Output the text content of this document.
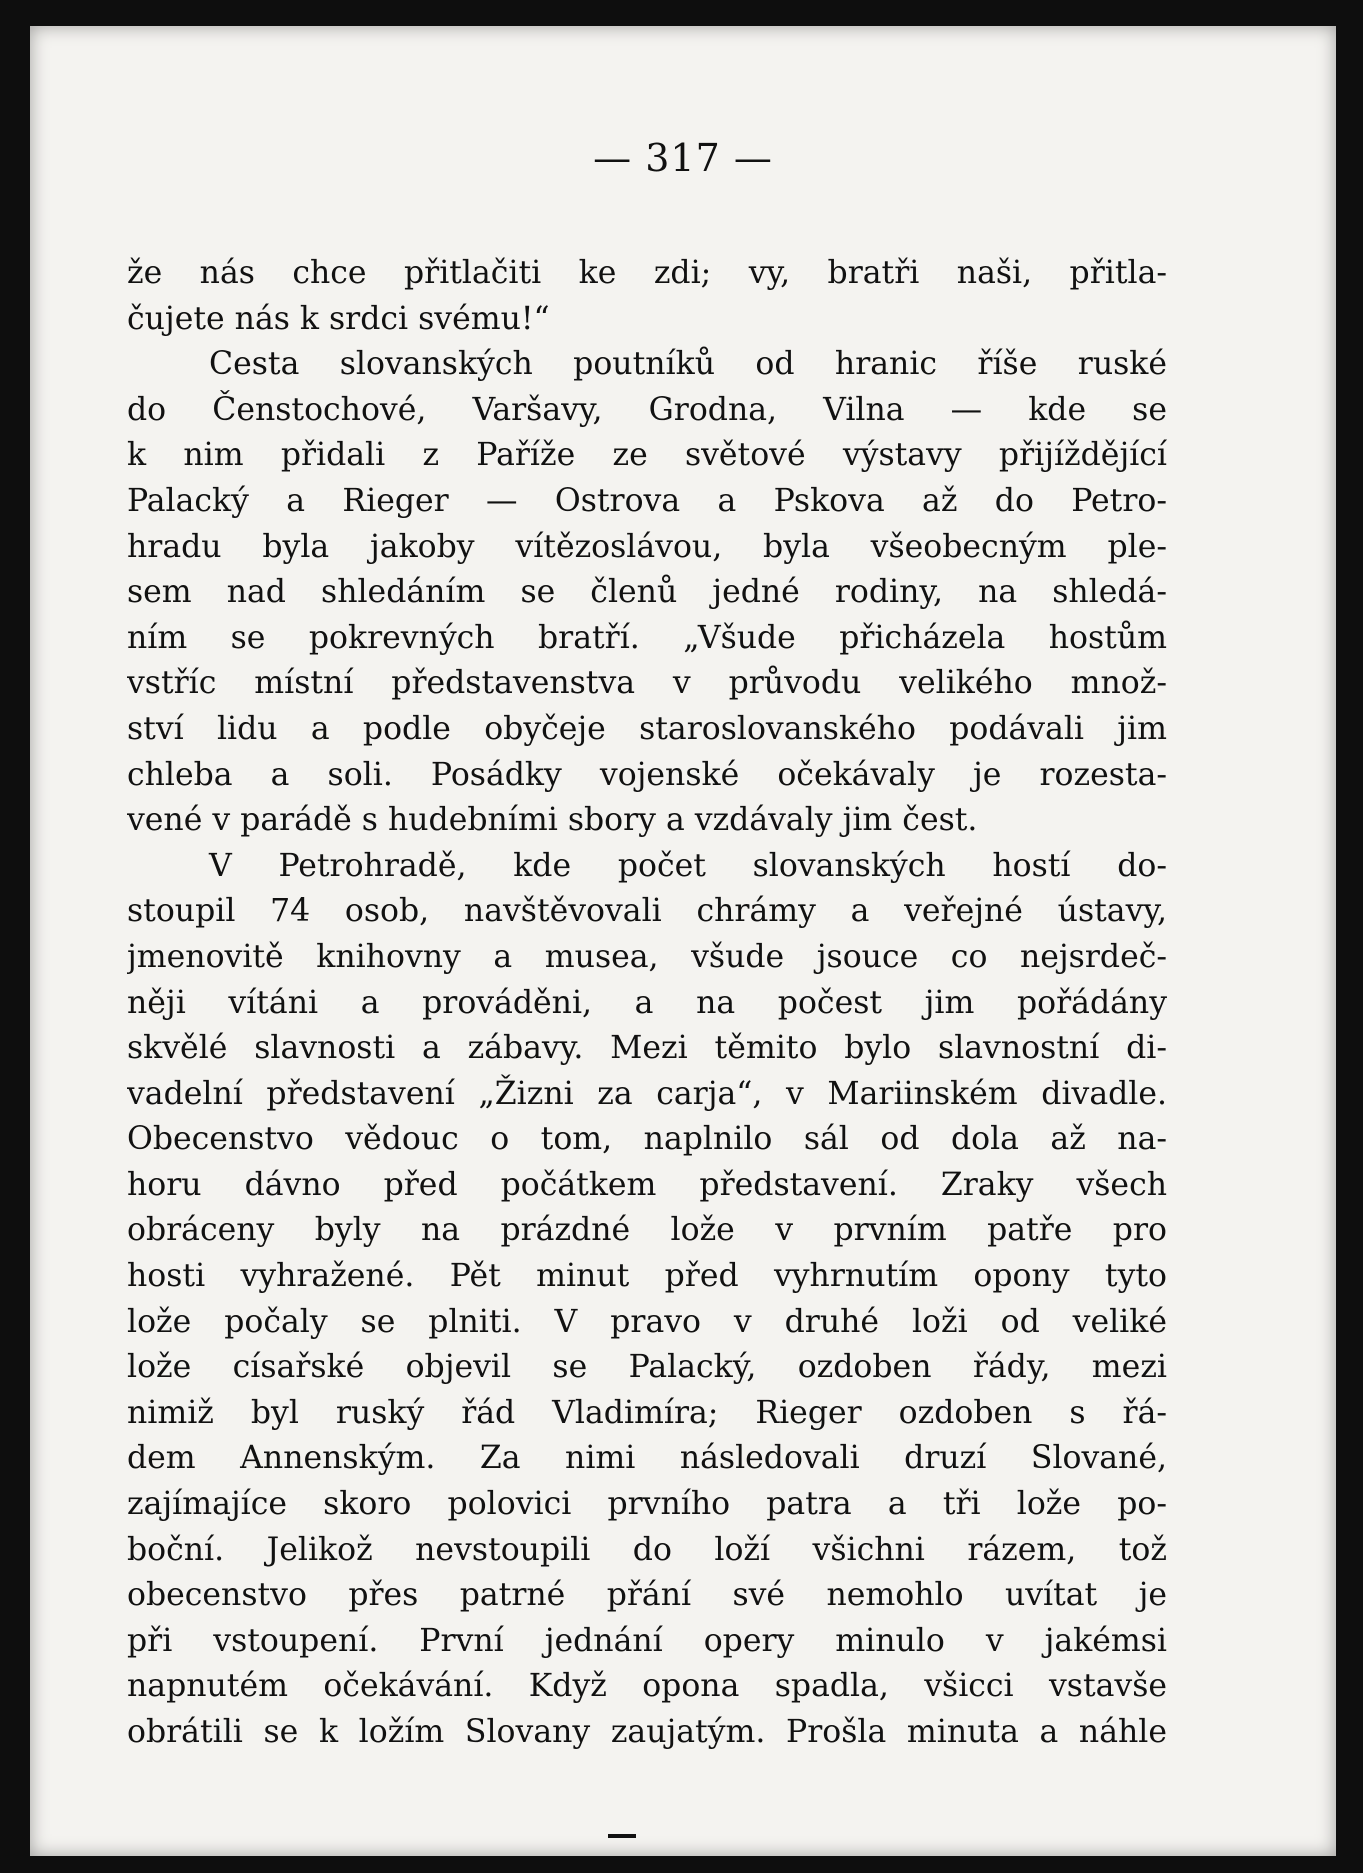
— 317 —
že nás chce přitlačiti ke zdi; vy, bratři naši, přitla-
čujete nás k srdci svému!“
Cesta slovanských poutníků od hranic říše ruské
do Čenstochové, Varšavy, Grodna, Vilna — kde se
k nim přidali z Paříže ze světové výstavy přijíždějící
Palacký a Rieger — Ostrova a Pskova až do Petro-
hradu byla jakoby vítězoslávou, byla všeobecným ple-
sem nad shledáním se členů jedné rodiny, na shledá-
ním se pokrevných bratří. „Všude přicházela hostům
vstříc místní představenstva v průvodu velikého množ-
ství lidu a podle obyčeje staroslovanského podávali jim
chleba a soli. Posádky vojenské očekávaly je rozesta-
vené v parádě s hudebními sbory a vzdávaly jim čest.
V Petrohradě, kde počet slovanských hostí do-
stoupil 74 osob, navštěvovali chrámy a veřejné ústavy,
jmenovitě knihovny a musea, všude jsouce co nejsrdeč-
něji vítáni a prováděni, a na počest jim pořádány
skvělé slavnosti a zábavy. Mezi těmito bylo slavnostní di-
vadelní představení „Žizni za carja“, v Mariinském divadle.
Obecenstvo vědouc o tom, naplnilo sál od dola až na-
horu dávno před počátkem představení. Zraky všech
obráceny byly na prázdné lože v prvním patře pro
hosti vyhražené. Pět minut před vyhrnutím opony tyto
lože počaly se plniti. V pravo v druhé loži od veliké
lože císařské objevil se Palacký, ozdoben řády, mezi
nimiž byl ruský řád Vladimíra; Rieger ozdoben s řá-
dem Annenským. Za nimi následovali druzí Slované,
zajímajíce skoro polovici prvního patra a tři lože po-
boční. Jelikož nevstoupili do loží všichni rázem, tož
obecenstvo přes patrné přání své nemohlo uvítat je
při vstoupení. První jednání opery minulo v jakémsi
napnutém očekávání. Když opona spadla, všicci vstavše
obrátili se k ložím Slovany zaujatým. Prošla minuta a náhle
